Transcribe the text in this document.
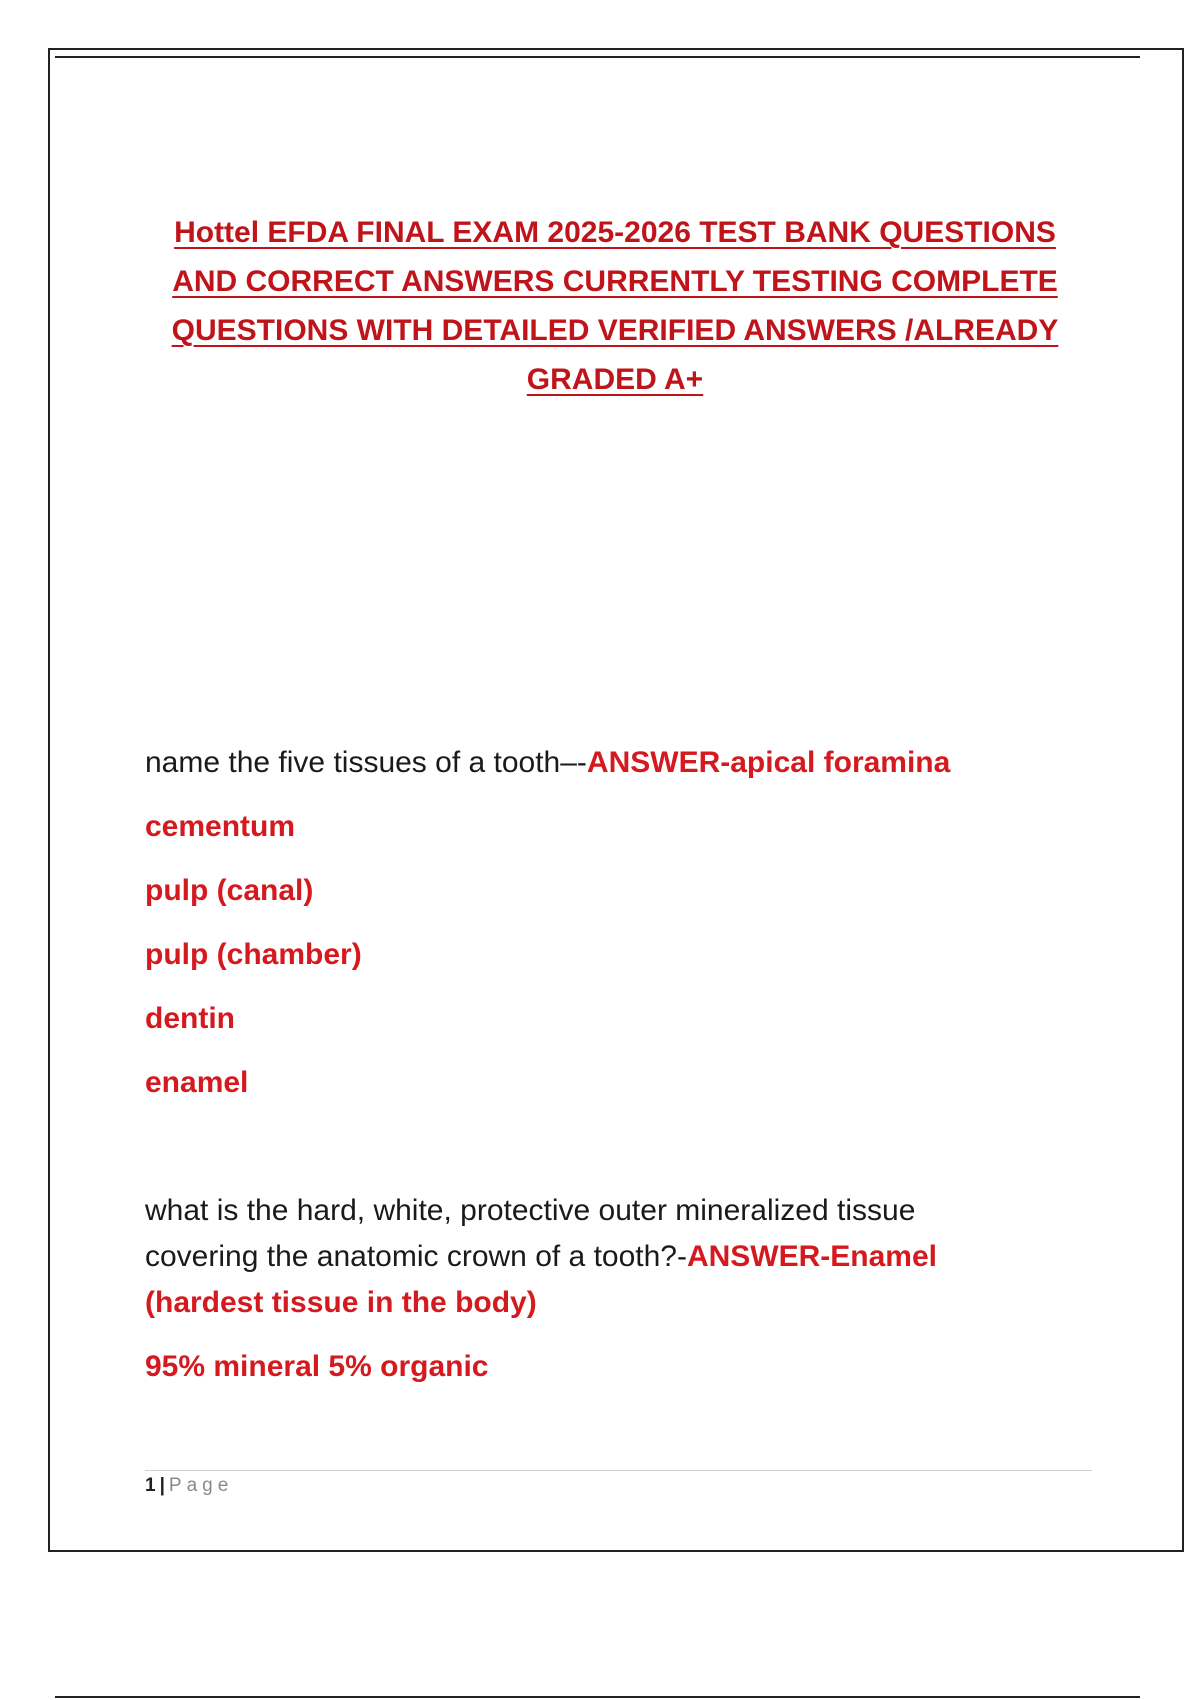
Hottel EFDA FINAL EXAM 2025-2026 TEST BANK QUESTIONS
AND CORRECT ANSWERS CURRENTLY TESTING COMPLETE
QUESTIONS WITH DETAILED VERIFIED ANSWERS /ALREADY
GRADED A+

name the five tissues of a tooth–-ANSWER-apical foramina

cementum

pulp (canal)

pulp (chamber)

dentin

enamel

what is the hard, white, protective outer mineralized tissue

covering the anatomic crown of a tooth?-ANSWER-Enamel

(hardest tissue in the body)

95% mineral 5% organic

1 | Page
